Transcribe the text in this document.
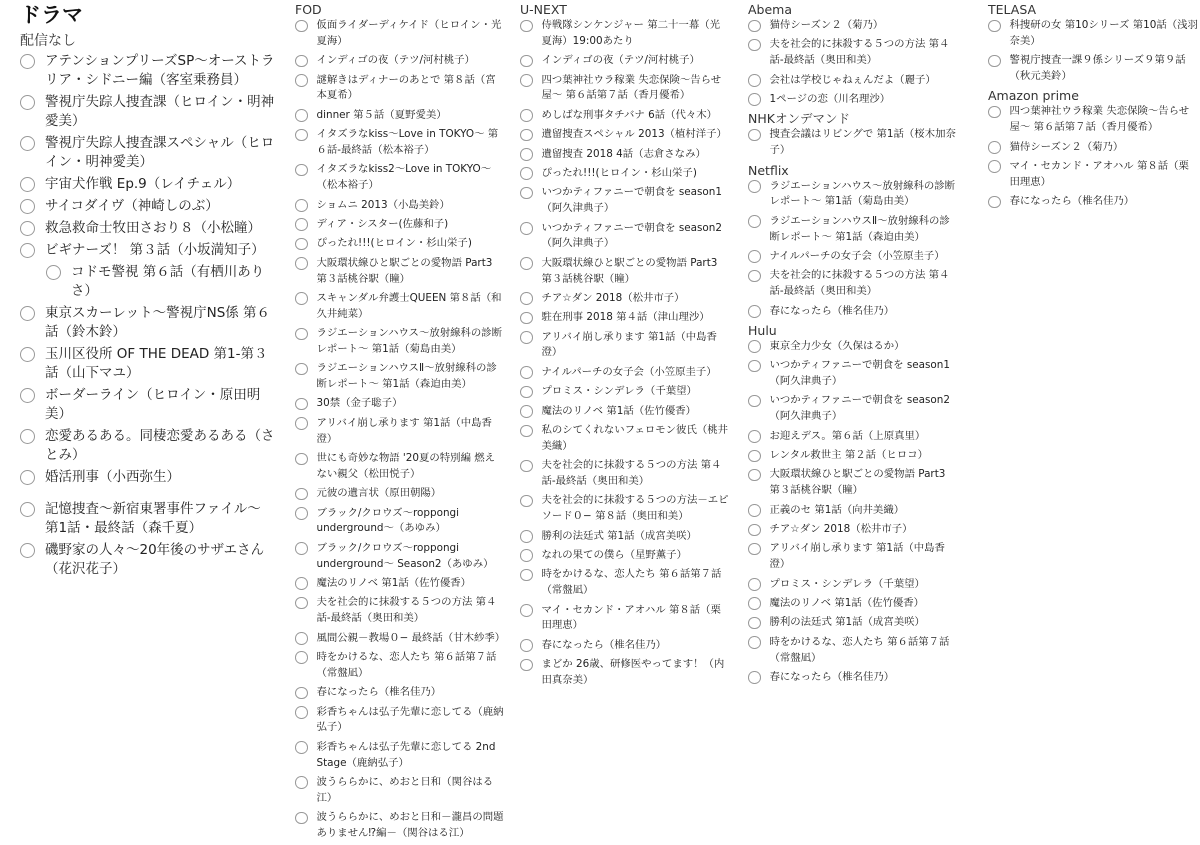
ドラマ
配信なし
アテンションプリーズSP〜オーストラリア・シドニー編（客室乗務員）
警視庁失踪人捜査課（ヒロイン・明神愛美）
警視庁失踪人捜査課スペシャル（ヒロイン・明神愛美）
宇宙犬作戦 Ep.9（レイチェル）
サイコダイヴ（神崎しのぶ）
救急救命士牧田さおり８（小松瞳）
ビギナーズ！ 第３話（小坂満知子）
コドモ警視 第６話（有栖川ありさ）
東京スカーレット〜警視庁NS係 第６話（鈴木鈴）
玉川区役所 OF THE DEAD 第1-第３話（山下マユ）
ボーダーライン（ヒロイン・原田明美）
恋愛あるある。同棲恋愛あるある（さとみ）
婚活刑事（小西弥生）
記憶捜査〜新宿東署事件ファイル〜 第1話・最終話（森千夏）
磯野家の人々〜20年後のサザエさん（花沢花子）
FOD
仮面ライダーディケイド（ヒロイン・光夏海）
インディゴの夜（テツ/河村桃子）
謎解きはディナーのあとで 第８話（宮本夏希）
dinner 第５話（夏野愛美）
イタズラなkiss〜Love in TOKYO〜 第６話-最終話（松本裕子）
イタズラなkiss2〜Love in TOKYO〜（松本裕子）
ショムニ 2013（小島美鈴）
ディア・シスター(佐藤和子)
ぴったれ!!!(ヒロイン・杉山栄子)
大阪環状線ひと駅ごとの愛物語 Part3 第３話桃谷駅（瞳）
スキャンダル弁護士QUEEN 第８話（和久井純菜）
ラジエーションハウス〜放射線科の診断レポート〜 第1話（菊島由美）
ラジエーションハウスⅡ〜放射線科の診断レポート〜 第1話（森迫由美）
30禁（金子聡子）
アリバイ崩し承ります 第1話（中島香澄）
世にも奇妙な物語 '20夏の特別編 燃えない親父（松田悦子）
元彼の遺言状（原田朝陽）
ブラック/クロウズ〜roppongi underground〜（あゆみ）
ブラック/クロウズ〜roppongi underground〜 Season2（あゆみ）
魔法のリノベ 第1話（佐竹優香）
夫を社会的に抹殺する５つの方法 第４話-最終話（奥田和美）
風間公親－教場０− 最終話（甘木紗季）
時をかけるな、恋人たち 第６話第７話（常盤凪）
春になったら（椎名佳乃）
彩香ちゃんは弘子先輩に恋してる（鹿納弘子）
彩香ちゃんは弘子先輩に恋してる 2nd Stage（鹿納弘子）
波うららかに、めおと日和（関谷はる江）
波うららかに、めおと日和－瀧昌の問題ありません⁉編－（関谷はる江）
U-NEXT
侍戦隊シンケンジャー 第二十一幕（光夏海）19:00あたり
インディゴの夜（テツ/河村桃子）
四つ葉神社ウラ稼業 失恋保険〜告らせ屋〜 第６話第７話（香月優希）
めしばな刑事タチバナ 6話（代々木）
遺留捜査スペシャル 2013（植村洋子）
遺留捜査 2018 4話（志倉さなみ）
ぴったれ!!!(ヒロイン・杉山栄子)
いつかティファニーで朝食を season1（阿久津典子）
いつかティファニーで朝食を season2（阿久津典子）
大阪環状線ひと駅ごとの愛物語 Part3 第３話桃谷駅（瞳）
チア☆ダン 2018（松井市子）
駐在刑事 2018 第４話（津山理沙）
アリバイ崩し承ります 第1話（中島香澄）
ナイルパーチの女子会（小笠原圭子）
プロミス・シンデレラ（千葉望）
魔法のリノベ 第1話（佐竹優香）
私のシてくれないフェロモン彼氏（桃井美織）
夫を社会的に抹殺する５つの方法 第４話-最終話（奥田和美）
夫を社会的に抹殺する５つの方法－エピソード０− 第８話（奥田和美）
勝利の法廷式 第1話（成宮美咲）
なれの果ての僕ら（星野薫子）
時をかけるな、恋人たち 第６話第７話（常盤凪）
マイ・セカンド・アオハル 第８話（栗田理恵）
春になったら（椎名佳乃）
まどか 26歳、研修医やってます！（内田真奈美）
Abema
猫侍シーズン２（菊乃）
夫を社会的に抹殺する５つの方法 第４話-最終話（奥田和美）
会社は学校じゃねぇんだよ（麗子）
1ページの恋（川名理沙）
NHKオンデマンド
捜査会議はリビングで 第1話（桜木加奈子）
Netflix
ラジエーションハウス〜放射線科の診断レポート〜 第1話（菊島由美）
ラジエーションハウスⅡ〜放射線科の診断レポート〜 第1話（森迫由美）
ナイルパーチの女子会（小笠原圭子）
夫を社会的に抹殺する５つの方法 第４話-最終話（奥田和美）
春になったら（椎名佳乃）
Hulu
東京全力少女（久保はるか）
いつかティファニーで朝食を season1（阿久津典子）
いつかティファニーで朝食を season2（阿久津典子）
お迎えデス。第６話（上原真里）
レンタル救世主 第２話（ヒロコ）
大阪環状線ひと駅ごとの愛物語 Part3 第３話桃谷駅（瞳）
正義のセ 第1話（向井美織）
チア☆ダン 2018（松井市子）
アリバイ崩し承ります 第1話（中島香澄）
プロミス・シンデレラ（千葉望）
魔法のリノベ 第1話（佐竹優香）
勝利の法廷式 第1話（成宮美咲）
時をかけるな、恋人たち 第６話第７話（常盤凪）
春になったら（椎名佳乃）
TELASA
科捜研の女 第10シリーズ 第10話（浅羽奈美）
警視庁捜査一課９係シリーズ９第９話（秋元美鈴）
Amazon prime
四つ葉神社ウラ稼業 失恋保険〜告らせ屋〜 第６話第７話（香月優希）
猫侍シーズン２（菊乃）
マイ・セカンド・アオハル 第８話（栗田理恵）
春になったら（椎名佳乃）
